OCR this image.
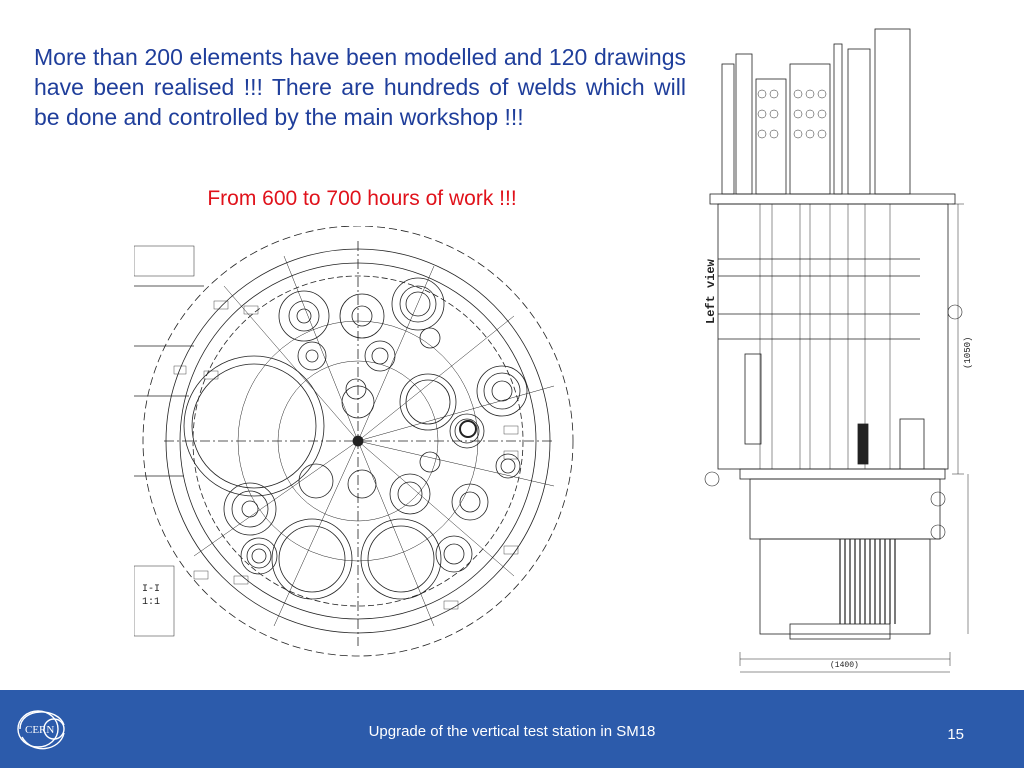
More than 200 elements have been modelled and 120 drawings have been realised !!! There are hundreds of welds which will be done and controlled by the main workshop !!!
From 600 to 700 hours of work !!!
I-I
1:1
Left view
(1050)
(1400)
CERN	Upgrade of the vertical test station in SM18	15
